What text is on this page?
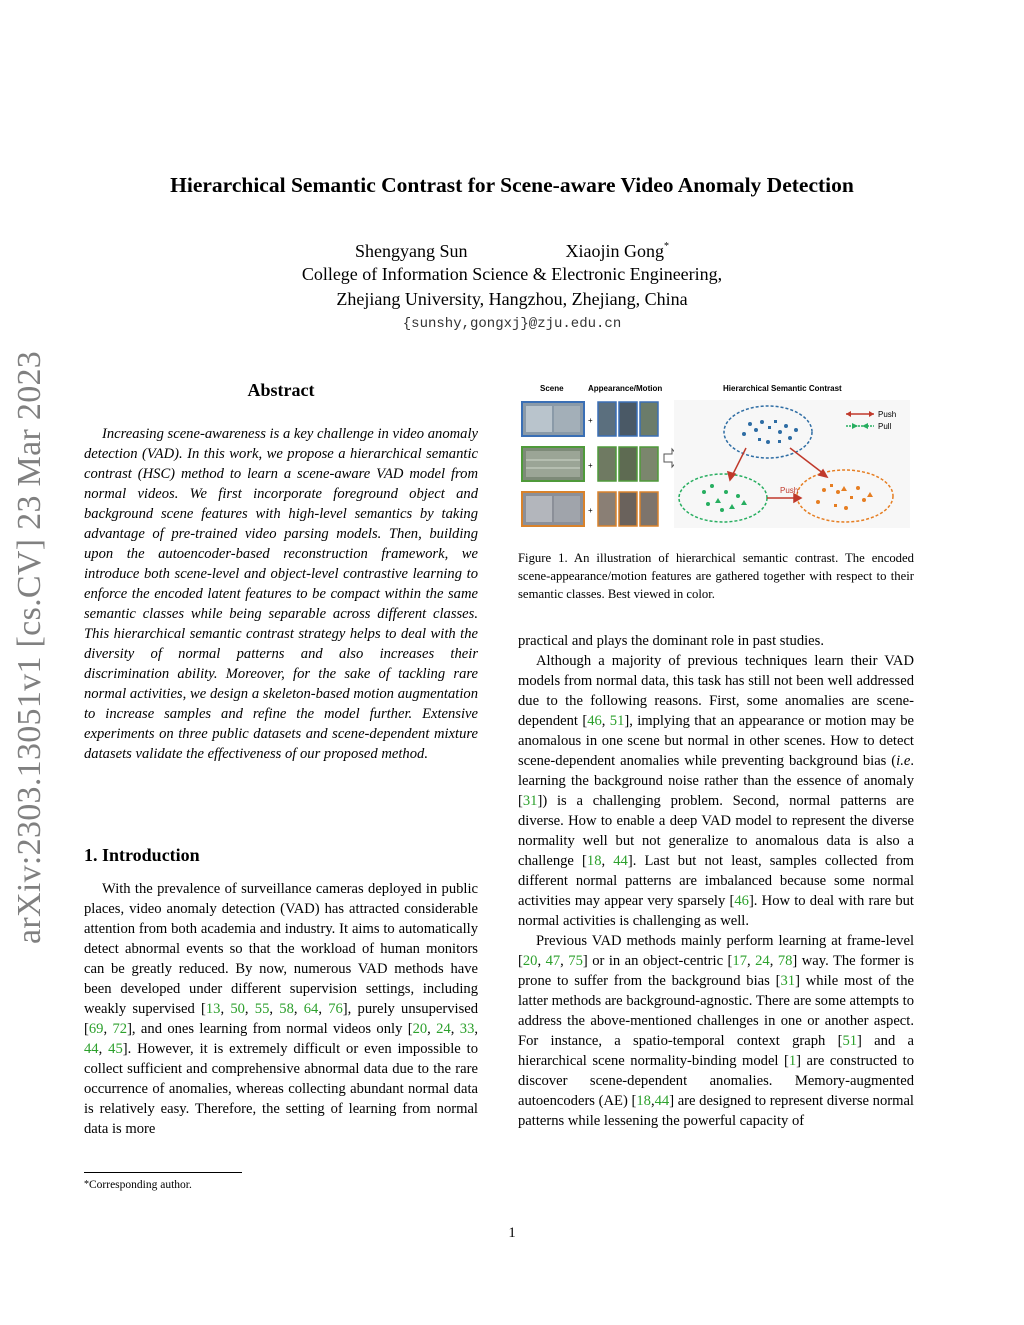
arXiv:2303.13051v1 [cs.CV] 23 Mar 2023
Hierarchical Semantic Contrast for Scene-aware Video Anomaly Detection
Shengyang Sun	Xiaojin Gong*
College of Information Science & Electronic Engineering,
Zhejiang University, Hangzhou, Zhejiang, China
{sunshy,gongxj}@zju.edu.cn
Abstract

Increasing scene-awareness is a key challenge in video anomaly detection (VAD). In this work, we propose a hierarchical semantic contrast (HSC) method to learn a scene-aware VAD model from normal videos. We first incorporate foreground object and background scene features with high-level semantics by taking advantage of pre-trained video parsing models. Then, building upon the autoencoder-based reconstruction framework, we introduce both scene-level and object-level contrastive learning to enforce the encoded latent features to be compact within the same semantic classes while being separable across different classes. This hierarchical semantic contrast strategy helps to deal with the diversity of normal patterns and also increases their discrimination ability. Moreover, for the sake of tackling rare normal activities, we design a skeleton-based motion augmentation to increase samples and refine the model further. Extensive experiments on three public datasets and scene-dependent mixture datasets validate the effectiveness of our proposed method.

1. Introduction

With the prevalence of surveillance cameras deployed in public places, video anomaly detection (VAD) has attracted considerable attention from both academia and industry. It aims to automatically detect abnormal events so that the workload of human monitors can be greatly reduced. By now, numerous VAD methods have been developed under different supervision settings, including weakly supervised [13, 50, 55, 58, 64, 76], purely unsupervised [69, 72], and ones learning from normal videos only [20, 24, 33, 44, 45]. However, it is extremely difficult or even impossible to collect sufficient and comprehensive abnormal data due to the rare occurrence of anomalies, whereas collecting abundant normal data is relatively easy. Therefore, the setting of learning from normal data is more

*Corresponding author.
Scene	Appearance/Motion	Hierarchical Semantic Contrast
+
+
+
Push
Push
Pull
Figure 1. An illustration of hierarchical semantic contrast. The encoded scene-appearance/motion features are gathered together with respect to their semantic classes. Best viewed in color.

practical and plays the dominant role in past studies.

Although a majority of previous techniques learn their VAD models from normal data, this task has still not been well addressed due to the following reasons. First, some anomalies are scene-dependent [46, 51], implying that an appearance or motion may be anomalous in one scene but normal in other scenes. How to detect scene-dependent anomalies while preventing background bias (i.e. learning the background noise rather than the essence of anomaly [31]) is a challenging problem. Second, normal patterns are diverse. How to enable a deep VAD model to represent the diverse normality well but not generalize to anomalous data is also a challenge [18, 44]. Last but not least, samples collected from different normal patterns are imbalanced because some normal activities may appear very sparsely [46]. How to deal with rare but normal activities is challenging as well.

Previous VAD methods mainly perform learning at frame-level [20, 47, 75] or in an object-centric [17, 24, 78] way. The former is prone to suffer from the background bias [31] while most of the latter methods are background-agnostic. There are some attempts to address the above-mentioned challenges in one or another aspect. For instance, a spatio-temporal context graph [51] and a hierarchical scene normality-binding model [1] are constructed to discover scene-dependent anomalies. Memory-augmented autoencoders (AE) [18,44] are designed to represent diverse normal patterns while lessening the powerful capacity of

1
